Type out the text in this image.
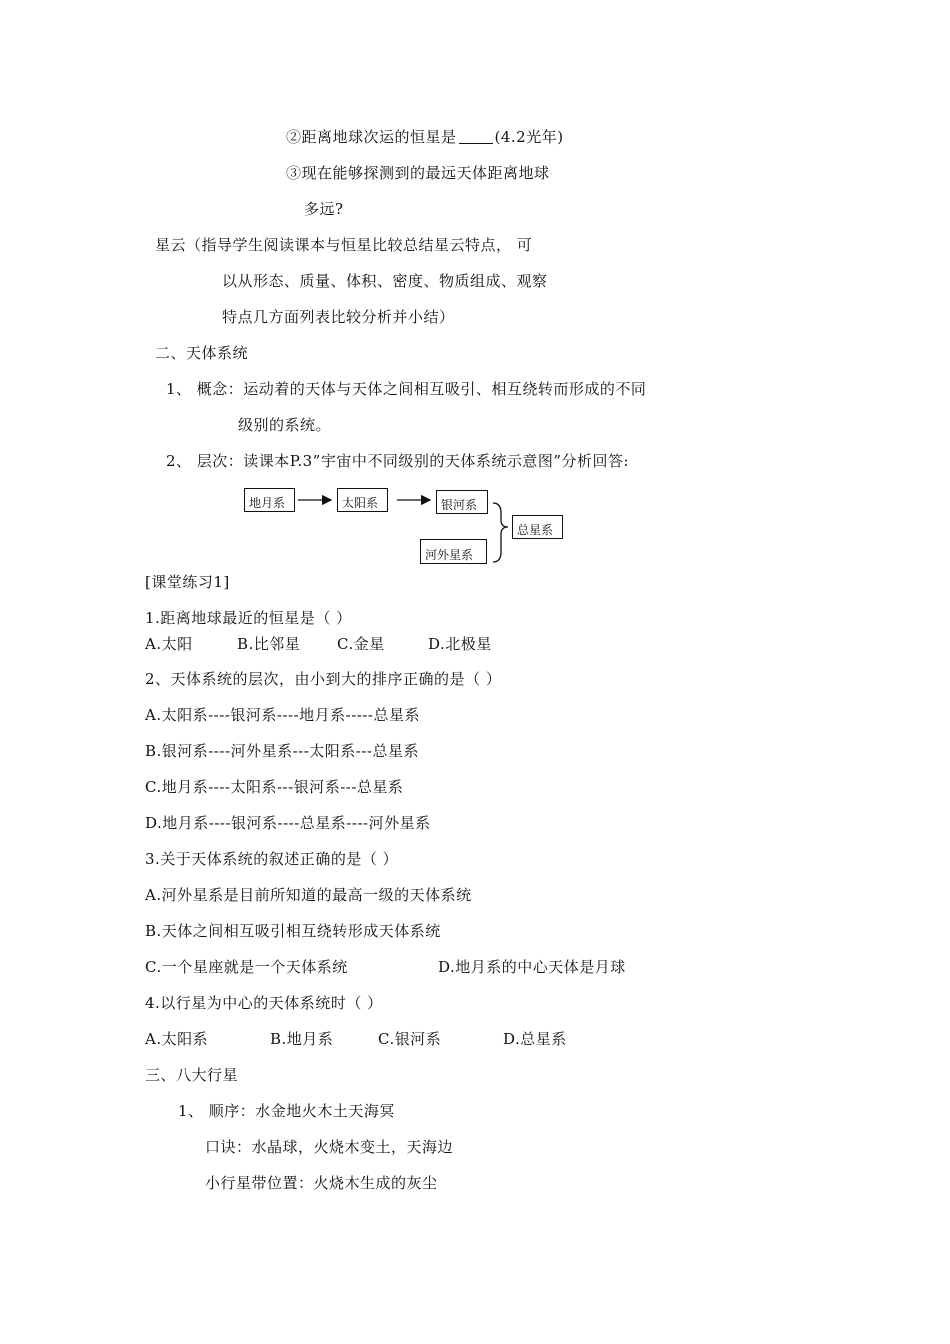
②距离地球次运的恒星是	(4.2光年)
③现在能够探测到的最远天体距离地球
多远?
星云（指导学生阅读课本与恒星比较总结星云特点， 可
以从形态、质量、体积、密度、物质组成、观察
特点几方面列表比较分析并小结）
二、天体系统
1、 概念：运动着的天体与天体之间相互吸引、相互绕转而形成的不同
级别的系统。
2、 层次：读课本P.3”宇宙中不同级别的天体系统示意图”分析回答:
地月系	太阳系	银河系
河外星系
总星系
[课堂练习1]
1.距离地球最近的恒星是（ ）
A.太阳	B.比邻星 C.金星	D.北极星
2、天体系统的层次，由小到大的排序正确的是（ ）
A.太阳系----银河系----地月系-----总星系
B.银河系----河外星系---太阳系---总星系
C.地月系----太阳系---银河系---总星系
D.地月系----银河系----总星系----河外星系
3.关于天体系统的叙述正确的是（ ）
A.河外星系是目前所知道的最高一级的天体系统
B.天体之间相互吸引相互绕转形成天体系统
C.一个星座就是一个天体系统	D.地月系的中心天体是月球
4.以行星为中心的天体系统时（ ）
A.太阳系	B.地月系	C.银河系	D.总星系
三、八大行星
1、 顺序：水金地火木土天海冥
口诀：水晶球，火烧木变土，天海边
小行星带位置：火烧木生成的灰尘
